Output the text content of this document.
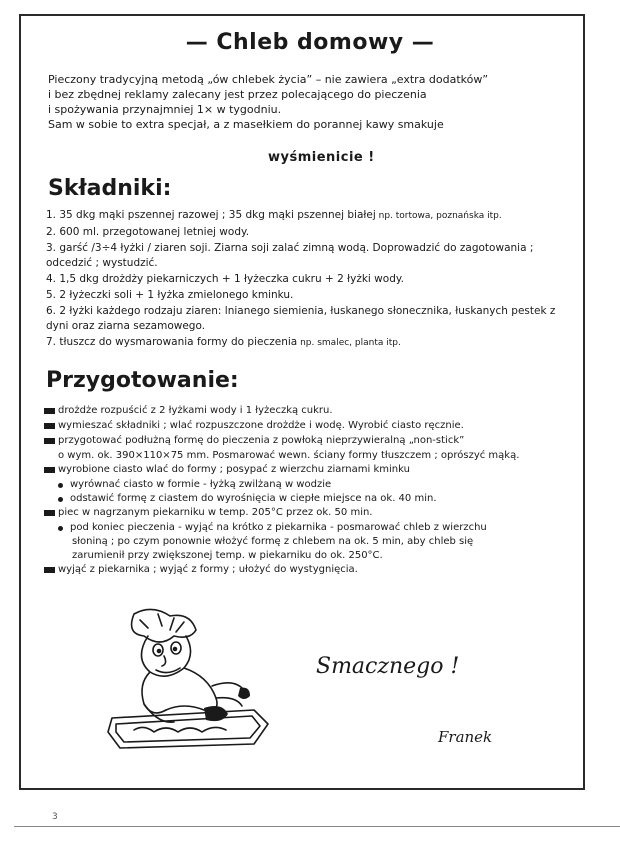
— Chleb domowy —

Pieczony tradycyjną metodą „ów chlebek życia” – nie zawiera „extra dodatków”

i bez zbędnej reklamy zalecany jest przez polecającego do pieczenia

i spożywania przynajmniej 1× w tygodniu.

Sam w sobie to extra specjał, a z masełkiem do porannej kawy smakuje

wyśmienicie !
Składniki:
1. 35 dkg mąki pszennej razowej ; 35 dkg mąki pszennej białej np. tortowa, poznańska itp.
2. 600 ml. przegotowanej letniej wody.
3. garść /3÷4 łyżki / ziaren soji. Ziarna soji zalać zimną wodą. Doprowadzić do zagotowania ; odcedzić ; wystudzić.
4. 1,5 dkg drożdży piekarniczych + 1 łyżeczka cukru + 2 łyżki wody.
5. 2 łyżeczki soli + 1 łyżka zmielonego kminku.
6. 2 łyżki każdego rodzaju ziaren: lnianego siemienia, łuskanego słonecznika, łuskanych pestek z dyni oraz ziarna sezamowego.
7. tłuszcz do wysmarowania formy do pieczenia np. smalec, planta itp.
Przygotowanie:
drożdże rozpuścić z 2 łyżkami wody i 1 łyżeczką cukru.
wymieszać składniki ; wlać rozpuszczone drożdże i wodę. Wyrobić ciasto ręcznie.
przygotować podłużną formę do pieczenia z powłoką nieprzywieralną „non-stick”
o wym. ok. 390×110×75 mm. Posmarować wewn. ściany formy tłuszczem ; oprószyć mąką.
wyrobione ciasto wlać do formy ; posypać z wierzchu ziarnami kminku
wyrównać ciasto w formie - łyżką zwilżaną w wodzie
odstawić formę z ciastem do wyrośnięcia w ciepłe miejsce na ok. 40 min.
piec w nagrzanym piekarniku w temp. 205°C przez ok. 50 min.
pod koniec pieczenia - wyjąć na krótko z piekarnika - posmarować chleb z wierzchu
słoniną ; po czym ponownie włożyć formę z chlebem na ok. 5 min, aby chleb się
zarumienił przy zwiększonej temp. w piekarniku do ok. 250°C.
wyjąć z piekarnika ; wyjąć z formy ; ułożyć do wystygnięcia.
Smacznego !
Franek
3
